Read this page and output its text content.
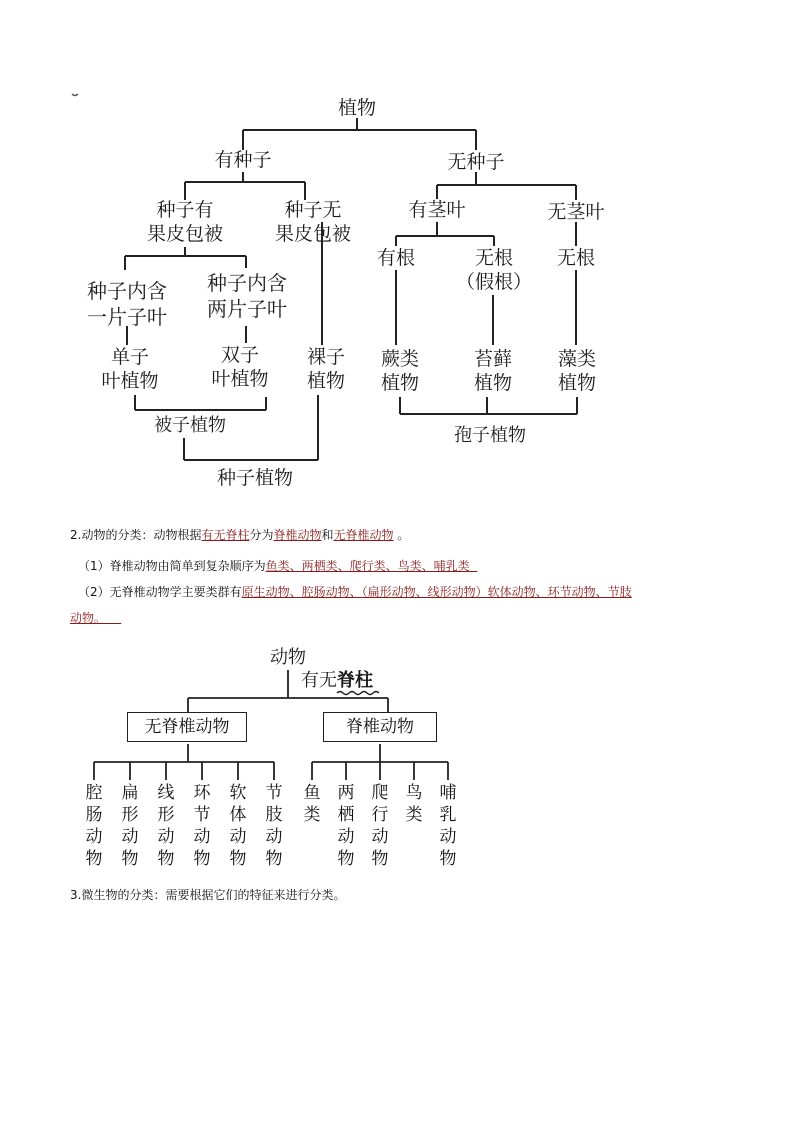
植物
有种子	无种子
种子有
果皮包被
种子无
果皮包被
种子内含
一片子叶
种子内含
两片子叶
单子
叶植物
双子
叶植物
裸子
植物
被子植物
种子植物
有茎叶	无茎叶
有根	无根
（假根）
无根
蕨类
植物
苔藓
植物
藻类
植物
孢子植物
2.动物的分类：动物根据有无脊柱分为脊椎动物和无脊椎动物 。
（1）脊椎动物由简单到复杂顺序为鱼类、两栖类、爬行类、鸟类、哺乳类
（2）无脊椎动物学主要类群有原生动物、腔肠动物、（扁形动物、线形动物）软体动物、环节动物、节肢
动物。
动物
有无脊柱
无脊椎动物	脊椎动物
腔肠动物
扁形动物
线形动物
环节动物
软体动物
节肢动物
鱼类
两栖动物
爬行动物
鸟类
哺乳动物
3.微生物的分类：需要根据它们的特征来进行分类。
